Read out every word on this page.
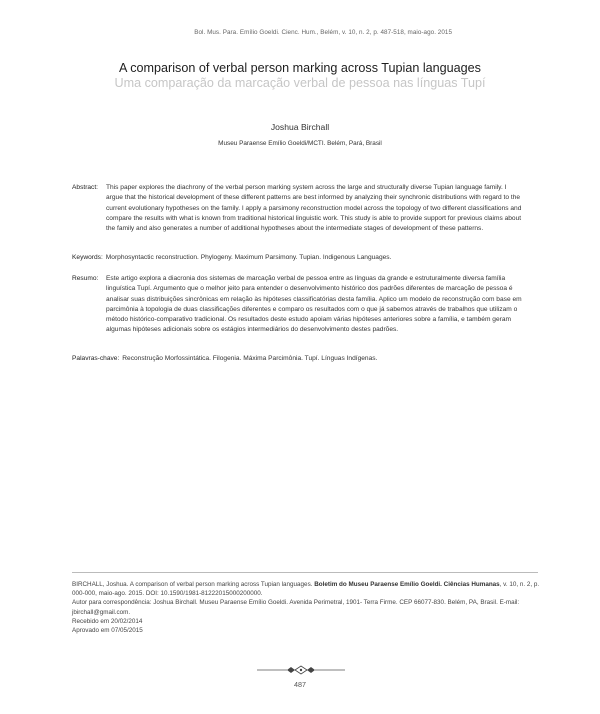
Bol. Mus. Para. Emílio Goeldi. Cienc. Hum., Belém, v. 10, n. 2, p. 487-518, maio-ago. 2015
A comparison of verbal person marking across Tupian languages
Uma comparação da marcação verbal de pessoa nas línguas Tupí
Joshua Birchall
Museu Paraense Emílio Goeldi/MCTI. Belém, Pará, Brasil
Abstract:	This paper explores the diachrony of the verbal person marking system across the large and structurally diverse Tupian language family. I argue that the historical development of these different patterns are best informed by analyzing their synchronic distributions with regard to the current evolutionary hypotheses on the family. I apply a parsimony reconstruction model across the topology of two different classifications and compare the results with what is known from traditional historical linguistic work. This study is able to provide support for previous claims about the family and also generates a number of additional hypotheses about the intermediate stages of development of these patterns.
Keywords: Morphosyntactic reconstruction. Phylogeny. Maximum Parsimony. Tupian. Indigenous Languages.
Resumo:	Este artigo explora a diacronia dos sistemas de marcação verbal de pessoa entre as línguas da grande e estruturalmente diversa família linguística Tupí. Argumento que o melhor jeito para entender o desenvolvimento histórico dos padrões diferentes de marcação de pessoa é analisar suas distribuições sincrônicas em relação às hipóteses classificatórias desta família. Aplico um modelo de reconstrução com base em parcimônia à topologia de duas classificações diferentes e comparo os resultados com o que já sabemos através de trabalhos que utilizam o método histórico-comparativo tradicional. Os resultados deste estudo apoiam várias hipóteses anteriores sobre a família, e também geram algumas hipóteses adicionais sobre os estágios intermediários do desenvolvimento destes padrões.
Palavras-chave: Reconstrução Morfossintática. Filogenia. Máxima Parcimônia. Tupí. Línguas Indígenas.
BIRCHALL, Joshua. A comparison of verbal person marking across Tupian languages. Boletim do Museu Paraense Emílio Goeldi. Ciências Humanas, v. 10, n. 2, p. 000-000, maio-ago. 2015. DOI: 10.1590/1981-81222015000200000.
Autor para correspondência: Joshua Birchall. Museu Paraense Emílio Goeldi. Avenida Perimetral, 1901- Terra Firme. CEP 66077-830. Belém, PA, Brasil. E-mail: jbirchall@gmail.com.
Recebido em 20/02/2014
Aprovado em 07/05/2015
487
